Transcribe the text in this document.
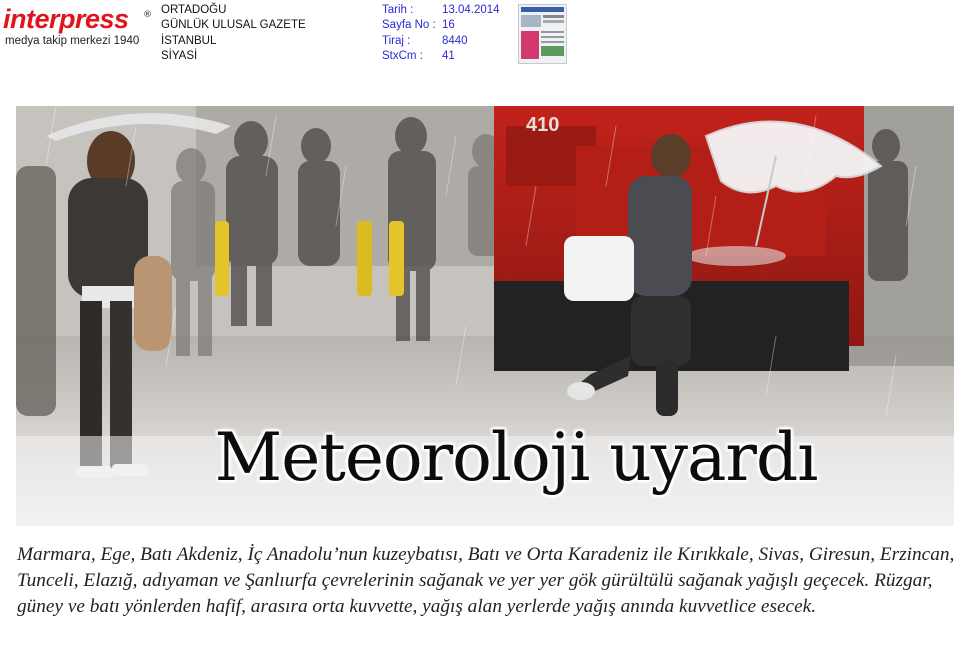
interpress ®
medya takip merkezi 1940
ORTADOĞU
GÜNLÜK ULUSAL GAZETE
İSTANBUL
SİYASİ
Tarih :	13.04.2014
Sayfa No : 16
Tiraj :	8440
StxCm :	41
410
Meteoroloji uyardı
Marmara, Ege, Batı Akdeniz, İç Anadolu’nun kuzeybatısı, Batı ve Orta Karadeniz ile Kırıkkale, Sivas, Giresun, Erzincan, Tunceli, Elazığ, adıyaman ve Şanlıurfa çevrelerinin sağanak ve yer yer gök gürültülü sağanak yağışlı geçecek. Rüzgar, güney ve batı yönlerden hafif, arasıra orta kuvvette, yağış alan yerlerde yağış anında kuvvetlice esecek.
